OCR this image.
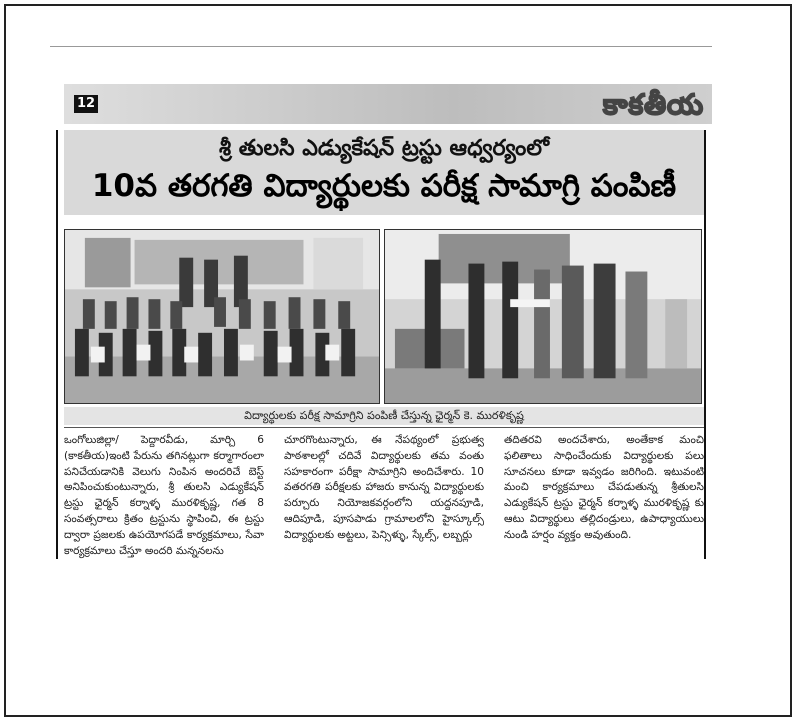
12	కాకతీయ
శ్రీ తులసి ఎడ్యుకేషన్ ట్రస్టు ఆధ్వర్యంలో
10వ తరగతి విద్యార్థులకు పరీక్ష సామాగ్రి పంపిణీ
విద్యార్థులకు పరీక్ష సామాగ్రిని పంపిణీ చేస్తున్న ఛైర్మన్ కె. మురళికృష్ణ

ఒంగోలుజిల్లా/ పెద్దారవీడు, మార్చి 6 (కాకతీయ)ఇంటి పేరును తగినట్లుగా కర్మాగారంలా పనిచేయడానికి వెలుగు నింపిన అందరిచే బెస్ట్ అనిపించుకుంటున్నారు, శ్రీ తులసి ఎడ్యుకేషన్ ట్రస్టు ఛైర్మన్ కర్నాళ్ళ మురళికృష్ణ, గత 8 సంవత్సరాలు క్రితం ట్రస్టును స్థాపించి, ఈ ట్రస్టు ద్వారా ప్రజలకు ఉపయోగపడే కార్యక్రమాలు, సేవా కార్యక్రమాలు చేస్తూ అందరి మన్ననలను

చూరగొంటున్నారు, ఈ నేపథ్యంలో ప్రభుత్వ పాఠశాలల్లో చదివే విద్యార్థులకు తమ వంతు సహకారంగా పరీక్షా సామాగ్రిని అందిచేశారు. 10 వతరగతి పరీక్షలకు హాజరు కానున్న విద్యార్థులకు పర్చూరు నియోజకవర్గంలోని యద్దనపూడి, ఆదిపూడి, పూసపాడు గ్రామాలలోని హైస్కూల్స్ విద్యార్థులకు అట్టలు, పెన్సిళ్ళు, స్కేల్స్, లబ్బర్లు

తదితరవి అందచేశారు, అంతేకాక మంచి ఫలితాలు సాధించేందుకు విద్యార్థులకు పలు సూచనలు కూడా ఇవ్వడం జరిగింది. ఇటువంటి మంచి కార్యక్రమాలు చేపడుతున్న శ్రీతులసి ఎడ్యుకేషన్ ట్రస్టు ఛైర్మన్ కర్నాళ్ళ మురళికృష్ణ కు ఆటు విద్యార్థులు తల్లిదండ్రులు, ఉపాధ్యాయులు నుండి హర్షం వ్యక్తం అవుతుంది.
